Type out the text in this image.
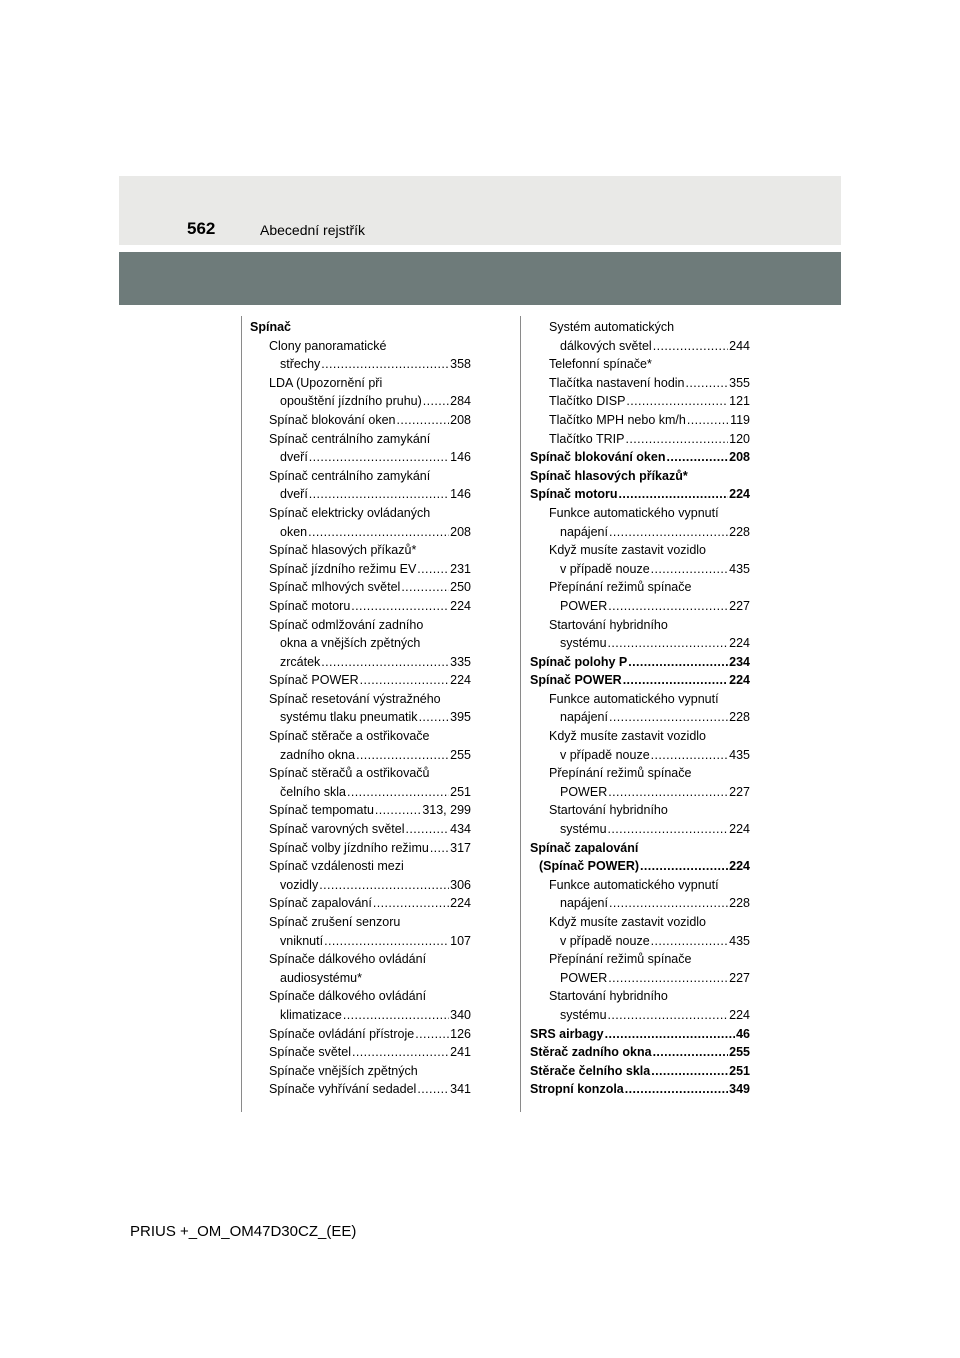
562	Abecední rejstřík
Spínač
Clony panoramatické
střechy .....	358
LDA (Upozornění při
opouštění jízdního pruhu) ..... 284
Spínač blokování oken .....	208
Spínač centrálního zamykání
dveří .....	146
Spínač centrálního zamykání
dveří .....	146
Spínač elektricky ovládaných
oken .....	208
Spínač hlasových příkazů*
Spínač jízdního režimu EV .....	231
Spínač mlhových světel .....	250
Spínač motoru .....	224
Spínač odmlžování zadního
okna a vnějších zpětných
zrcátek .....	335
Spínač POWER .....	224
Spínač resetování výstražného
systému tlaku pneumatik .....	395
Spínač stěrače a ostřikovače
zadního okna .....	255
Spínač stěračů a ostřikovačů
čelního skla .....	251
Spínač tempomatu .....	313, 299
Spínač varovných světel .....	434
Spínač volby jízdního režimu ..... 317
Spínač vzdálenosti mezi
vozidly .....	306
Spínač zapalování .....	224
Spínač zrušení senzoru
vniknutí .....	107
Spínače dálkového ovládání
audiosystému*
Spínače dálkového ovládání
klimatizace .....	340
Spínače ovládání přístroje .....	126
Spínače světel .....	241
Spínače vnějších zpětných
Spínače vyhřívání sedadel .....	341
Systém automatických
dálkových světel .....	244
Telefonní spínače*
Tlačítka nastavení hodin .....	355
Tlačítko DISP .....	121
Tlačítko MPH nebo km/h .....	119
Tlačítko TRIP .....	120
Spínač blokování oken .....	208
Spínač hlasových příkazů*
Spínač motoru .....	224
Funkce automatického vypnutí
napájení .....	228
Když musíte zastavit vozidlo
v případě nouze .....	435
Přepínání režimů spínače
POWER .....	227
Startování hybridního
systému .....	224
Spínač polohy P .....	234
Spínač POWER .....	224
Funkce automatického vypnutí
napájení .....	228
Když musíte zastavit vozidlo
v případě nouze .....	435
Přepínání režimů spínače
POWER .....	227
Startování hybridního
systému .....	224
Spínač zapalování
(Spínač POWER) .....	224
Funkce automatického vypnutí
napájení .....	228
Když musíte zastavit vozidlo
v případě nouze .....	435
Přepínání režimů spínače
POWER .....	227
Startování hybridního
systému .....	224
SRS airbagy .....	46
Stěrač zadního okna .....	255
Stěrače čelního skla .....	251
Stropní konzola .....	349
PRIUS +_OM_OM47D30CZ_(EE)
